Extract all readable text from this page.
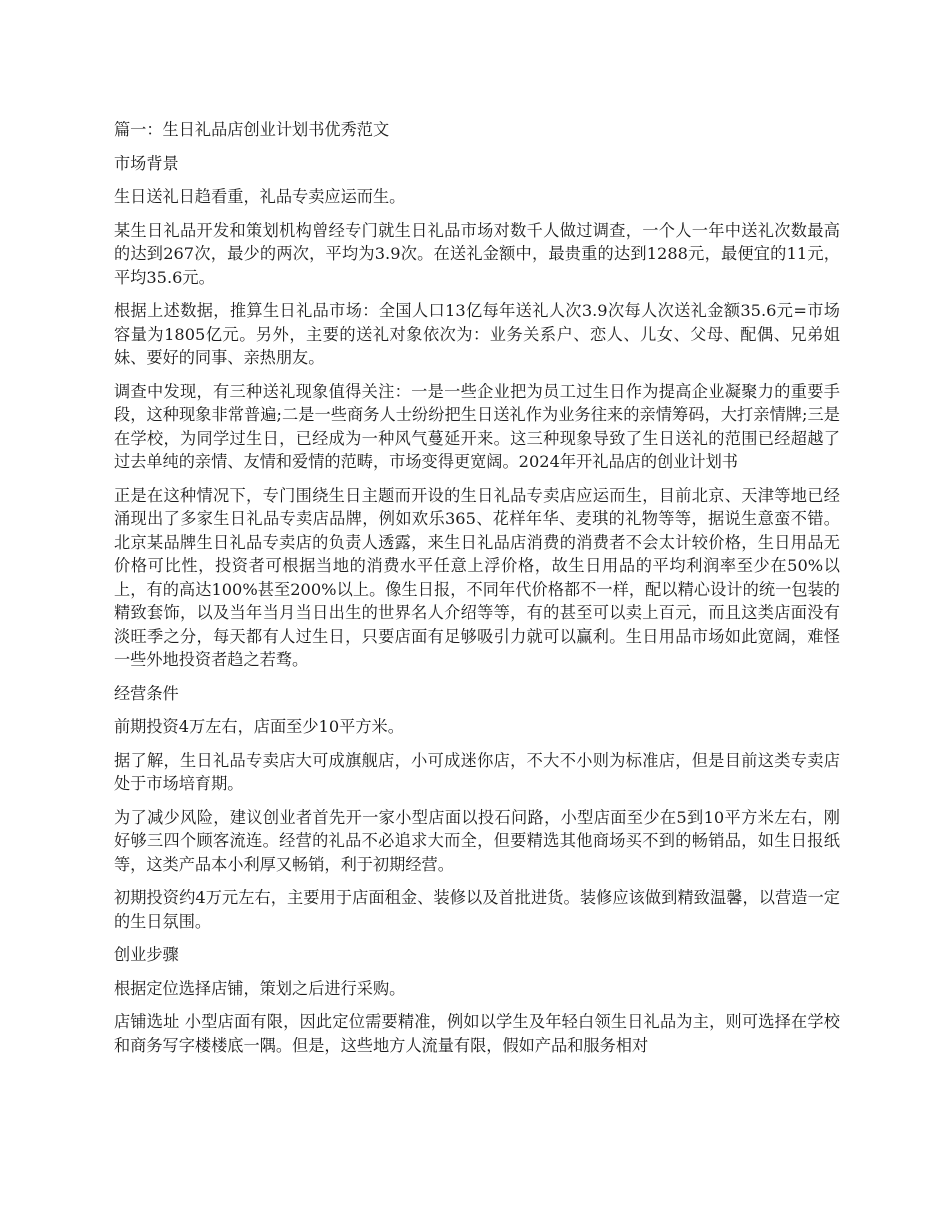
篇一：生日礼品店创业计划书优秀范文

市场背景

生日送礼日趋看重，礼品专卖应运而生。

某生日礼品开发和策划机构曾经专门就生日礼品市场对数千人做过调查，一个人一年中送礼次数最高的达到267次，最少的两次，平均为3.9次。在送礼金额中，最贵重的达到1288元，最便宜的11元，平均35.6元。

根据上述数据，推算生日礼品市场：全国人口13亿每年送礼人次3.9次每人次送礼金额35.6元=市场容量为1805亿元。另外，主要的送礼对象依次为：业务关系户、恋人、儿女、父母、配偶、兄弟姐妹、要好的同事、亲热朋友。

调查中发现，有三种送礼现象值得关注：一是一些企业把为员工过生日作为提高企业凝聚力的重要手段，这种现象非常普遍;二是一些商务人士纷纷把生日送礼作为业务往来的亲情筹码，大打亲情牌;三是在学校，为同学过生日，已经成为一种风气蔓延开来。这三种现象导致了生日送礼的范围已经超越了过去单纯的亲情、友情和爱情的范畴，市场变得更宽阔。2024年开礼品店的创业计划书

正是在这种情况下，专门围绕生日主题而开设的生日礼品专卖店应运而生，目前北京、天津等地已经涌现出了多家生日礼品专卖店品牌，例如欢乐365、花样年华、麦琪的礼物等等，据说生意蛮不错。北京某品牌生日礼品专卖店的负责人透露，来生日礼品店消费的消费者不会太计较价格，生日用品无价格可比性，投资者可根据当地的消费水平任意上浮价格，故生日用品的平均利润率至少在50%以上，有的高达100%甚至200%以上。像生日报，不同年代价格都不一样，配以精心设计的统一包装的精致套饰，以及当年当月当日出生的世界名人介绍等等，有的甚至可以卖上百元，而且这类店面没有淡旺季之分，每天都有人过生日，只要店面有足够吸引力就可以赢利。生日用品市场如此宽阔，难怪一些外地投资者趋之若骛。

经营条件

前期投资4万左右，店面至少10平方米。

据了解，生日礼品专卖店大可成旗舰店，小可成迷你店，不大不小则为标准店，但是目前这类专卖店处于市场培育期。

为了减少风险，建议创业者首先开一家小型店面以投石问路，小型店面至少在5到10平方米左右，刚好够三四个顾客流连。经营的礼品不必追求大而全，但要精选其他商场买不到的畅销品，如生日报纸等，这类产品本小利厚又畅销，利于初期经营。

初期投资约4万元左右，主要用于店面租金、装修以及首批进货。装修应该做到精致温馨，以营造一定的生日氛围。

创业步骤

根据定位选择店铺，策划之后进行采购。

店铺选址 小型店面有限，因此定位需要精准，例如以学生及年轻白领生日礼品为主，则可选择在学校和商务写字楼楼底一隅。但是，这些地方人流量有限，假如产品和服务相对
